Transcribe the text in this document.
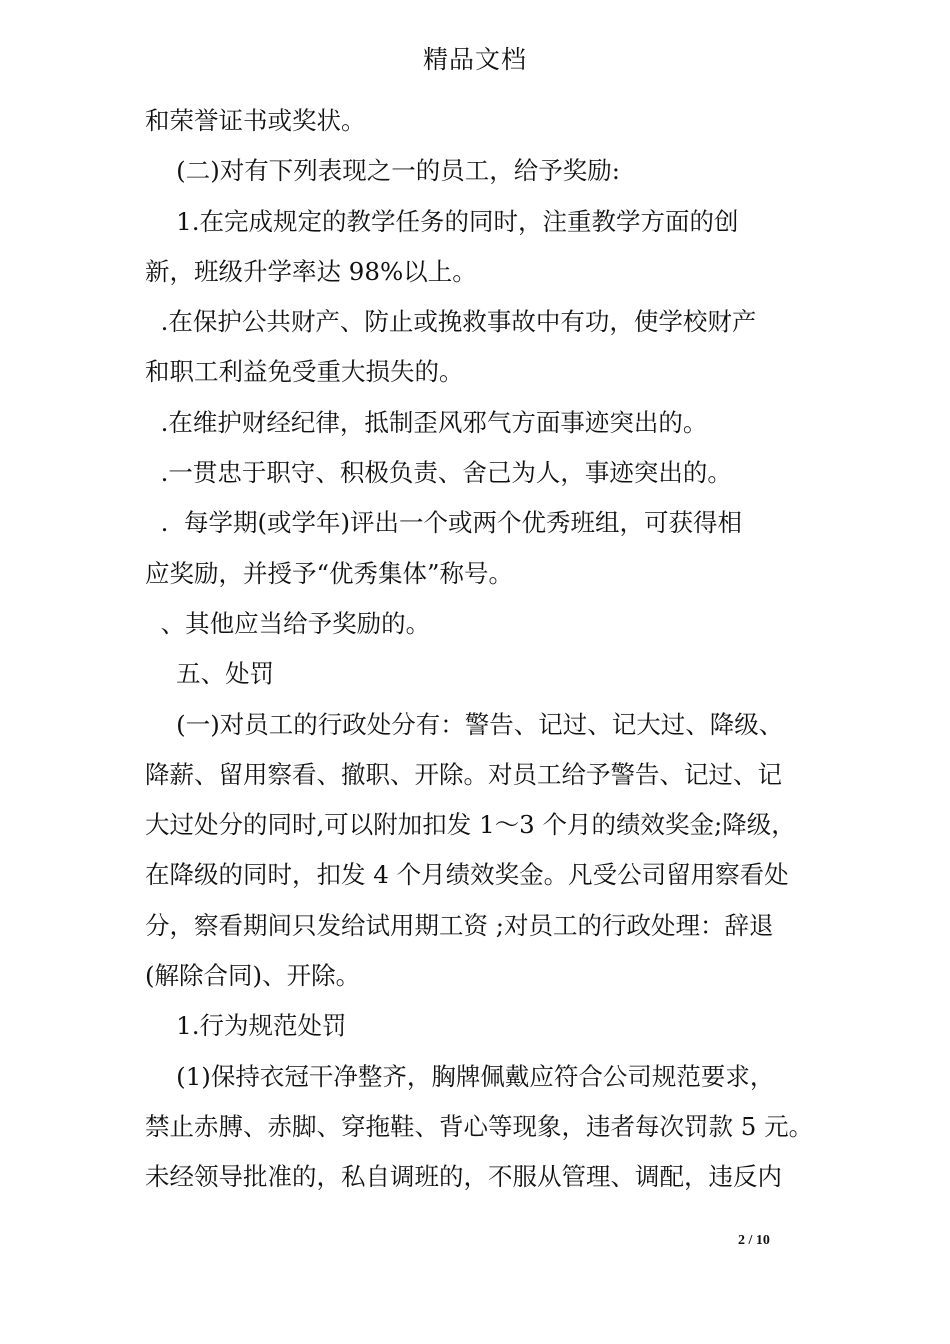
精品文档
和荣誉证书或奖状。
(二)对有下列表现之一的员工，给予奖励:
1.在完成规定的教学任务的同时，注重教学方面的创
新，班级升学率达 98%以上。
.在保护公共财产、防止或挽救事故中有功，使学校财产
和职工利益免受重大损失的。
.在维护财经纪律，抵制歪风邪气方面事迹突出的。
.一贯忠于职守、积极负责、舍己为人，事迹突出的。
.  每学期(或学年)评出一个或两个优秀班组，可获得相
应奖励，并授予“优秀集体”称号。
、其他应当给予奖励的。
五、处罚
(一)对员工的行政处分有：警告、记过、记大过、降级、
降薪、留用察看、撤职、开除。对员工给予警告、记过、记
大过处分的同时,可以附加扣发 1～3 个月的绩效奖金;降级，
在降级的同时，扣发 4 个月绩效奖金。凡受公司留用察看处
分，察看期间只发给试用期工资 ;对员工的行政处理：辞退
(解除合同)、开除。
1.行为规范处罚
(1)保持衣冠干净整齐，胸牌佩戴应符合公司规范要求，
禁止赤膊、赤脚、穿拖鞋、背心等现象，违者每次罚款 5 元。
未经领导批准的，私自调班的，不服从管理、调配，违反内
2 / 10
